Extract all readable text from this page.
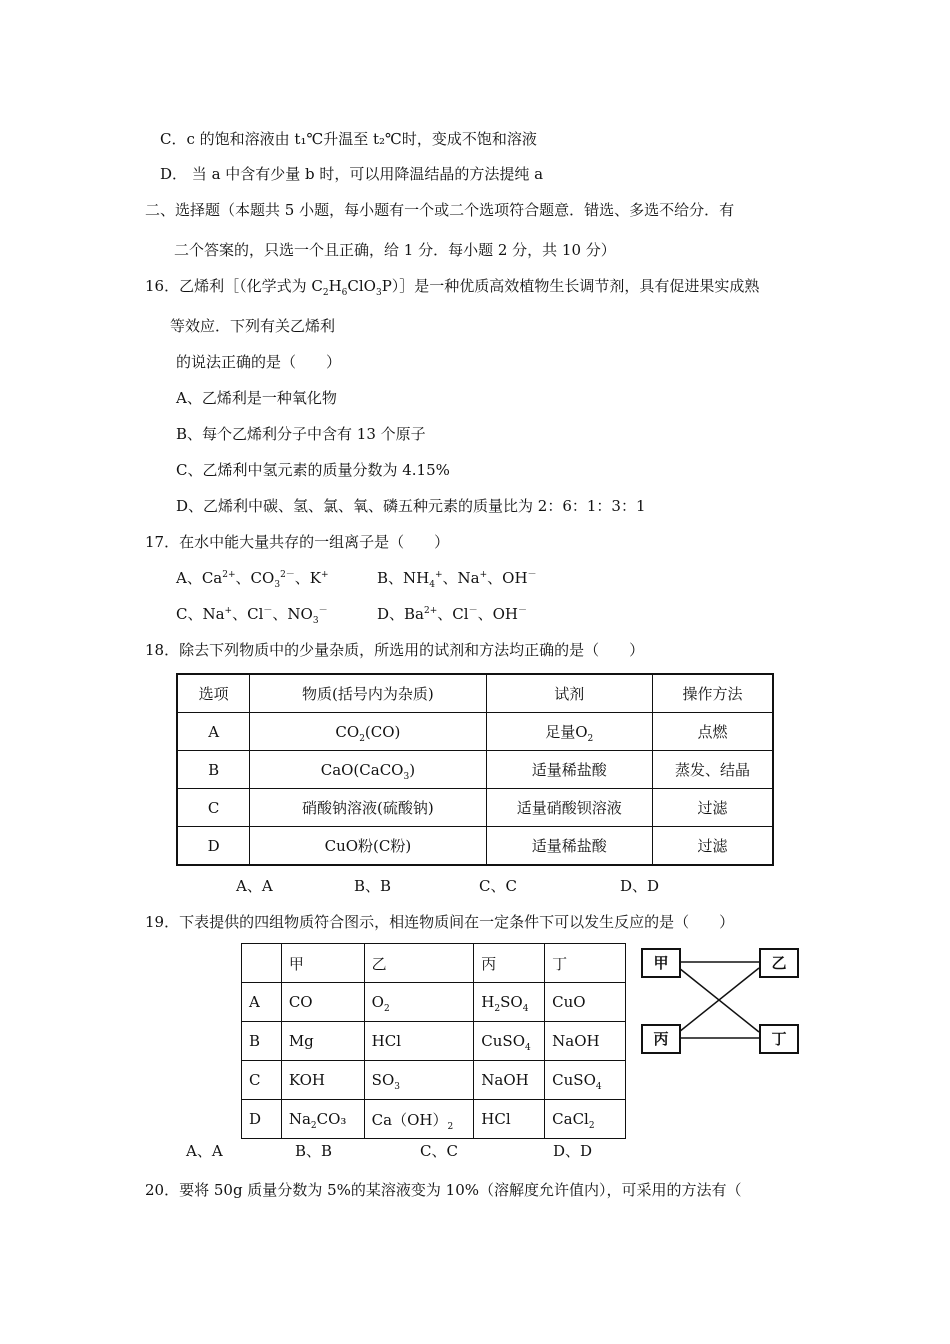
C．c 的饱和溶液由 t₁℃升温至 t₂℃时，变成不饱和溶液
D． 当 a 中含有少量 b 时，可以用降温结晶的方法提纯 a
二、选择题（本题共 5 小题，每小题有一个或二个选项符合题意．错选、多选不给分．有
二个答案的，只选一个且正确，给 1 分．每小题 2 分，共 10 分）
16．乙烯利［（化学式为 $C_2H_6ClO_3P)]$是一种优质高效植物生长调节剂，具有促进果实成熟
等效应．下列有关乙烯利
的说法正确的是（　　）
A、乙烯利是一种氧化物
B、每个乙烯利分子中含有 13 个原子
C、乙烯利中氢元素的质量分数为 4.15%
D、乙烯利中碳、氢、氯、氧、磷五种元素的质量比为 2：6：1：3：1
17．在水中能大量共存的一组离子是（　　）
A、$Ca^{2+}$、$CO_3^{2-}$、K+	B、$NH_4^+$、Na+、OH－
C、Na+、Cl－、$NO_3^-$	D、$Ba^{2+}$、Cl－、OH－
18．除去下列物质中的少量杂质，所选用的试剂和方法均正确的是（　　）
选项	物质(括号内为杂质)	试剂	操作方法
A	$CO_2(CO)$	足量$O_2$	点燃
B	CaO(CaCO$_3$)	适量稀盐酸	蒸发、结晶
C	硝酸钠溶液(硫酸钠)	适量硝酸钡溶液	过滤
D	CuO粉(C粉)	适量稀盐酸	过滤
A、A	B、B	C、C	D、D
19．下表提供的四组物质符合图示，相连物质间在一定条件下可以发生反应的是（　　）
	甲	乙	丙	丁
A	CO	$O_2$	$H_2SO_4$	CuO
B	Mg	HCl	CuSO$_4$	NaOH
C	KOH	$SO_3$	NaOH	CuSO$_4$
D	$Na_2CO_3$	$Ca(OH)_2$	HCl	CaCl$_2$
甲	乙
丙	丁
A、A	B、B	C、C	D、D
20．要将 50g 质量分数为 5%的某溶液变为 10%（溶解度允许值内），可采用的方法有（
